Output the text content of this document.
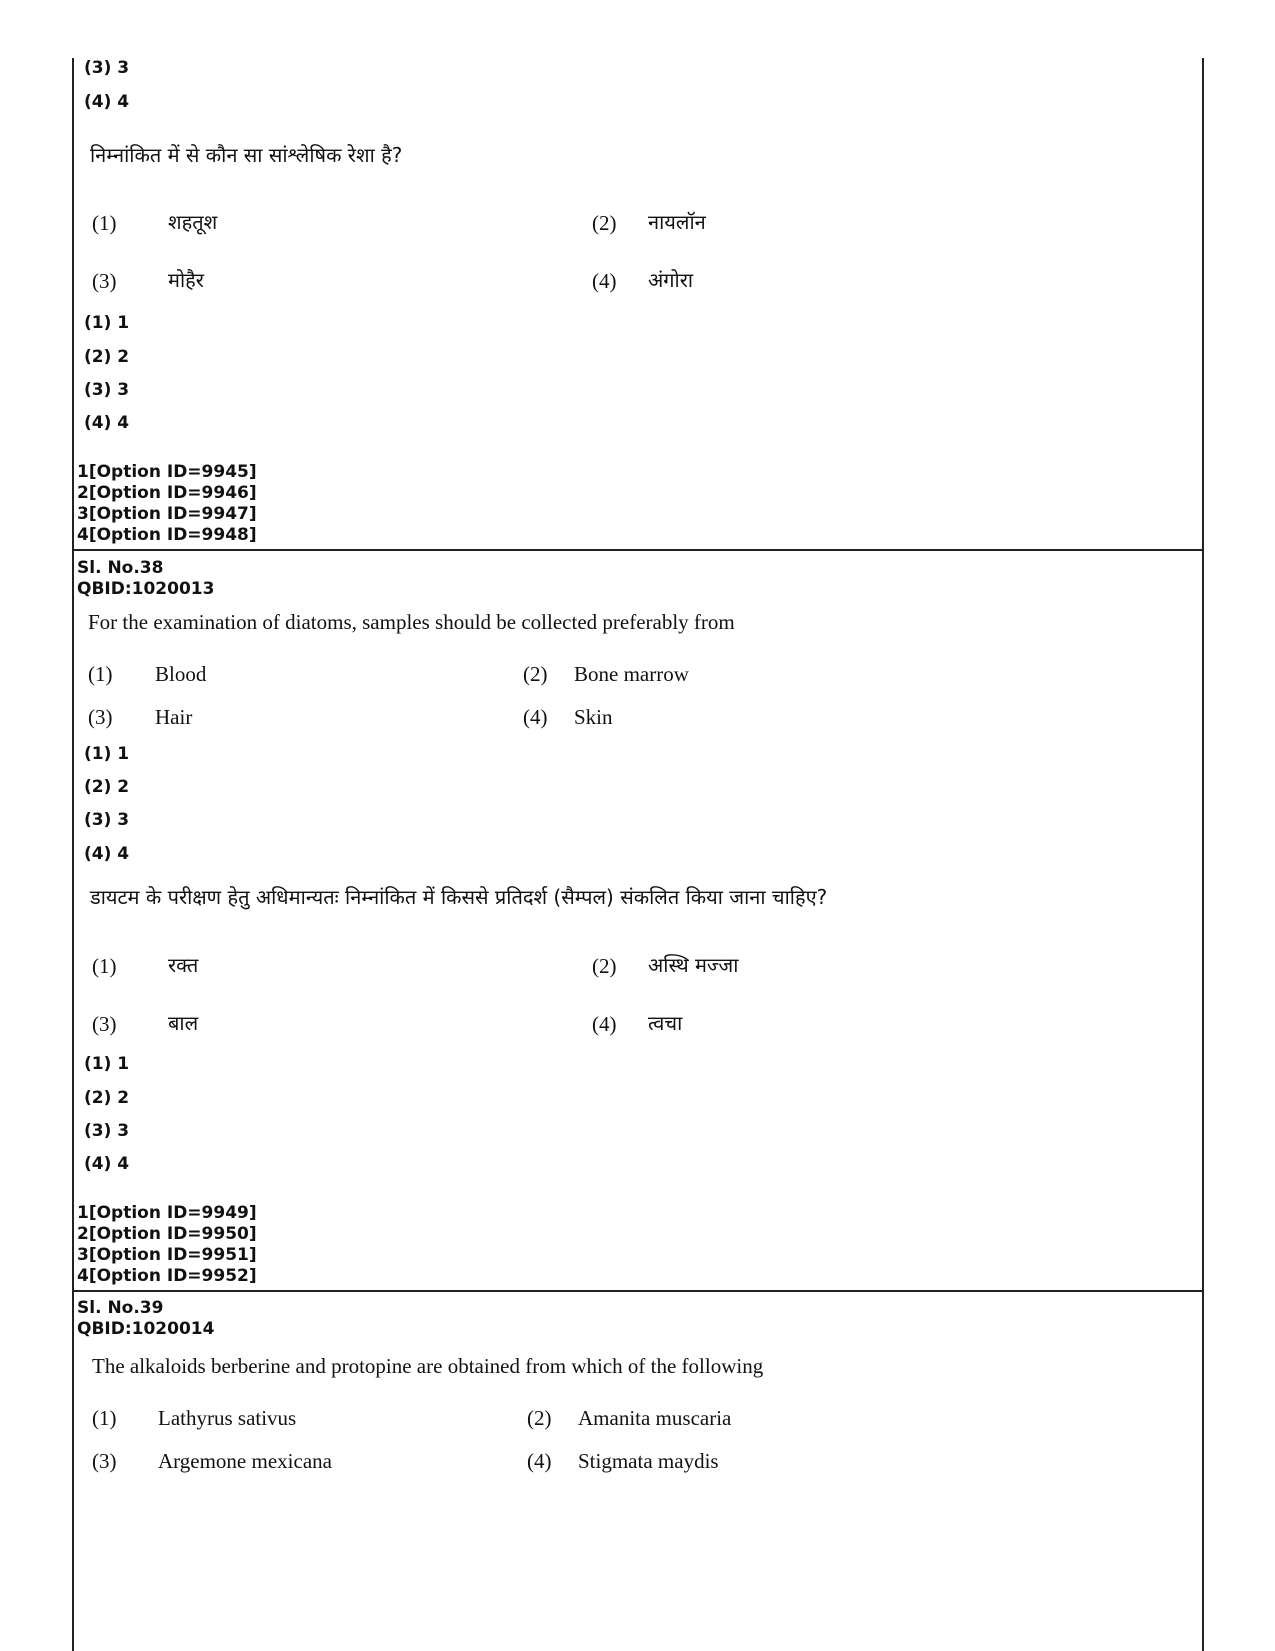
(3) 3
(4) 4
निम्नांकित में से कौन सा सांश्लेषिक रेशा है?
(1)	शहतूश	(2) नायलॉन
(3)	मोहैर	(4) अंगोरा
(1) 1
(2) 2
(3) 3
(4) 4
1[Option ID=9945]
2[Option ID=9946]
3[Option ID=9947]
4[Option ID=9948]
Sl. No.38
QBID:1020013
For the examination of diatoms, samples should be collected preferably from
(1) Blood	(2) Bone marrow
(3) Hair	(4) Skin
(1) 1
(2) 2
(3) 3
(4) 4
डायटम के परीक्षण हेतु अधिमान्यतः निम्नांकित में किससे प्रतिदर्श (सैम्पल) संकलित किया जाना चाहिए?
(1)	रक्त	(2) अस्थि मज्जा
(3)	बाल	(4) त्वचा
(1) 1
(2) 2
(3) 3
(4) 4
1[Option ID=9949]
2[Option ID=9950]
3[Option ID=9951]
4[Option ID=9952]
Sl. No.39
QBID:1020014
The alkaloids berberine and protopine are obtained from which of the following
(1) Lathyrus sativus	(2) Amanita muscaria
(3) Argemone mexicana	(4) Stigmata maydis
